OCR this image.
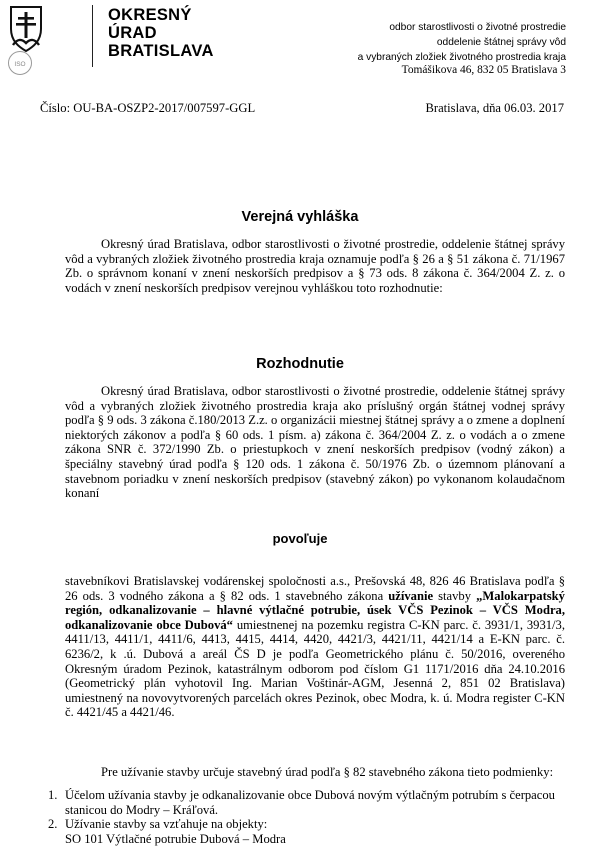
ISO
OKRESNÝ
ÚRAD
BRATISLAVA
odbor starostlivosti o životné prostredie
oddelenie štátnej správy vôd
a vybraných zložiek životného prostredia kraja
Tomášikova 46, 832 05 Bratislava 3
Číslo: OU-BA-OSZP2-2017/007597-GGL	Bratislava, dňa 06.03. 2017
Verejná vyhláška

Okresný úrad Bratislava, odbor starostlivosti o životné prostredie, oddelenie štátnej správy vôd a vybraných zložiek životného prostredia kraja oznamuje podľa § 26 a § 51 zákona č. 71/1967 Zb. o správnom konaní v znení neskorších predpisov a § 73 ods. 8 zákona č. 364/2004 Z. z. o vodách v znení neskorších predpisov verejnou vyhláškou toto rozhodnutie:

Rozhodnutie

Okresný úrad Bratislava, odbor starostlivosti o životné prostredie, oddelenie štátnej správy vôd a vybraných zložiek životného prostredia kraja ako príslušný orgán štátnej vodnej správy podľa § 9 ods. 3 zákona č.180/2013 Z.z. o organizácii miestnej štátnej správy a o zmene a doplnení niektorých zákonov a podľa § 60 ods. 1 písm. a) zákona č. 364/2004 Z. z. o vodách a o zmene zákona SNR č. 372/1990 Zb. o priestupkoch v znení neskorších predpisov (vodný zákon) a špeciálny stavebný úrad podľa § 120 ods. 1 zákona č. 50/1976 Zb. o územnom plánovaní a stavebnom poriadku v znení neskorších predpisov (stavebný zákon) po vykonanom kolaudačnom konaní

povoľuje

stavebníkovi Bratislavskej vodárenskej spoločnosti a.s., Prešovská 48, 826 46 Bratislava podľa § 26 ods. 3 vodného zákona a § 82 ods. 1 stavebného zákona užívanie stavby „Malokarpatský región, odkanalizovanie – hlavné výtlačné potrubie, úsek VČS Pezinok – VČS Modra, odkanalizovanie obce Dubová“ umiestnenej na pozemku registra C-KN parc. č. 3931/1, 3931/3, 4411/13, 4411/1, 4411/6, 4413, 4415, 4414, 4420, 4421/3, 4421/11, 4421/14 a E-KN parc. č. 6236/2, k .ú. Dubová a areál ČS D je podľa Geometrického plánu č. 50/2016, overeného Okresným úradom Pezinok, katastrálnym odborom pod číslom G1 1171/2016 dňa 24.10.2016 (Geometrický plán vyhotovil Ing. Marian Voštinár-AGM, Jesenná 2, 851 02 Bratislava) umiestnený na novovytvorených parcelách okres Pezinok, obec Modra, k. ú. Modra register C-KN č. 4421/45 a 4421/46.

Pre užívanie stavby určuje stavebný úrad podľa § 82 stavebného zákona tieto podmienky:

1. Účelom užívania stavby je odkanalizovanie obce Dubová novým výtlačným potrubím s čerpacou stanicou do Modry – Kráľová.
2. Užívanie stavby sa vzťahuje na objekty:
SO 101 Výtlačné potrubie Dubová – Modra
